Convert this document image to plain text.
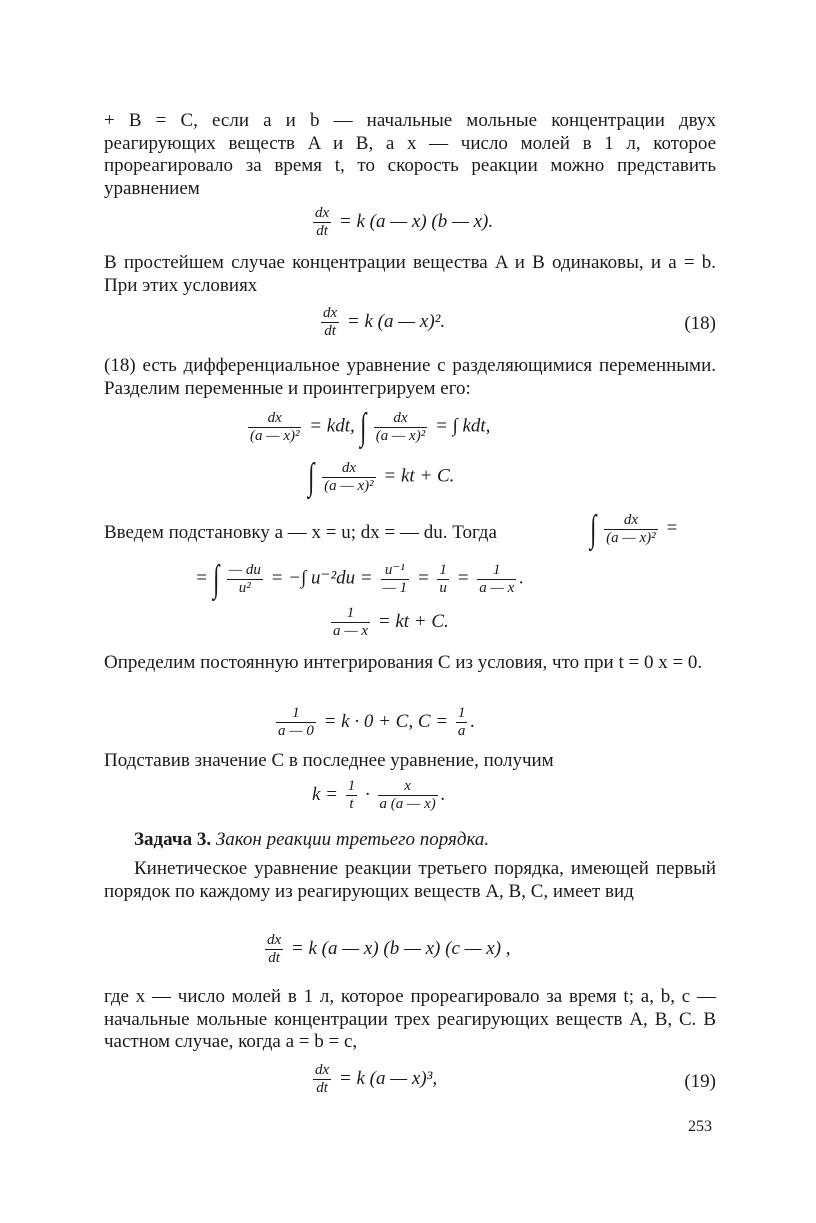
+ B = C, если a и b — начальные мольные концентрации двух реагирующих веществ A и B, а x — число молей в 1 л, которое прореагировало за время t, то скорость реакции можно представить уравнением

$\frac{dx}{dt} = k$ (a — x) (b — x).

В простейшем случае концентрации вещества A и B одинаковы, и a = b. При этих условиях

$\frac{dx}{dt} = k$ (a — x)².	(18)

(18) есть дифференциальное уравнение с разделяющимися переменными. Разделим переменные и проинтегрируем его:

$\frac{dx}{\text{(a — x)²}}$ = kdt, ∫ $\frac{dx}{\text{(a — x)²}}$ = ∫ kdt,
∫ $\frac{dx}{\text{(a — x)²}}$ = kt + C.
Введем подстановку a — x = u; dx = — du. Тогда	∫ $\frac{dx}{\text{(a — x)²}}$ =
= ∫ $\frac{— du}{\text{u²}}$ = −∫ $u^{-2}du = \frac{\text{u⁻¹}}{— 1} = \frac{1}{u} = \frac{1}{a — x}$ .
$\frac{1}{a — x}$ = kt + C.

Определим постоянную интегрирования C из условия, что при t = 0 x = 0.

$\frac{1}{a — 0} = k \cdot 0 + C$, $C = \frac{1}{a}$ .

Подставив значение C в последнее уравнение, получим

$k = \frac{1}{t} \cdot \frac{x}{a (a — x)}$ .
Задача 3. Закон реакции третьего порядка.

Кинетическое уравнение реакции третьего порядка, имеющей первый порядок по каждому из реагирующих веществ A, B, C, имеет вид

$\frac{dx}{dt} = k$ (a — x) (b — x) (c — x) ,

где x — число молей в 1 л, которое прореагировало за время t; a, b, c — начальные мольные концентрации трех реагирующих веществ A, B, C. В частном случае, когда a = b = c,

$\frac{dx}{dt} = k$ (a — x)³,	(19)
253
